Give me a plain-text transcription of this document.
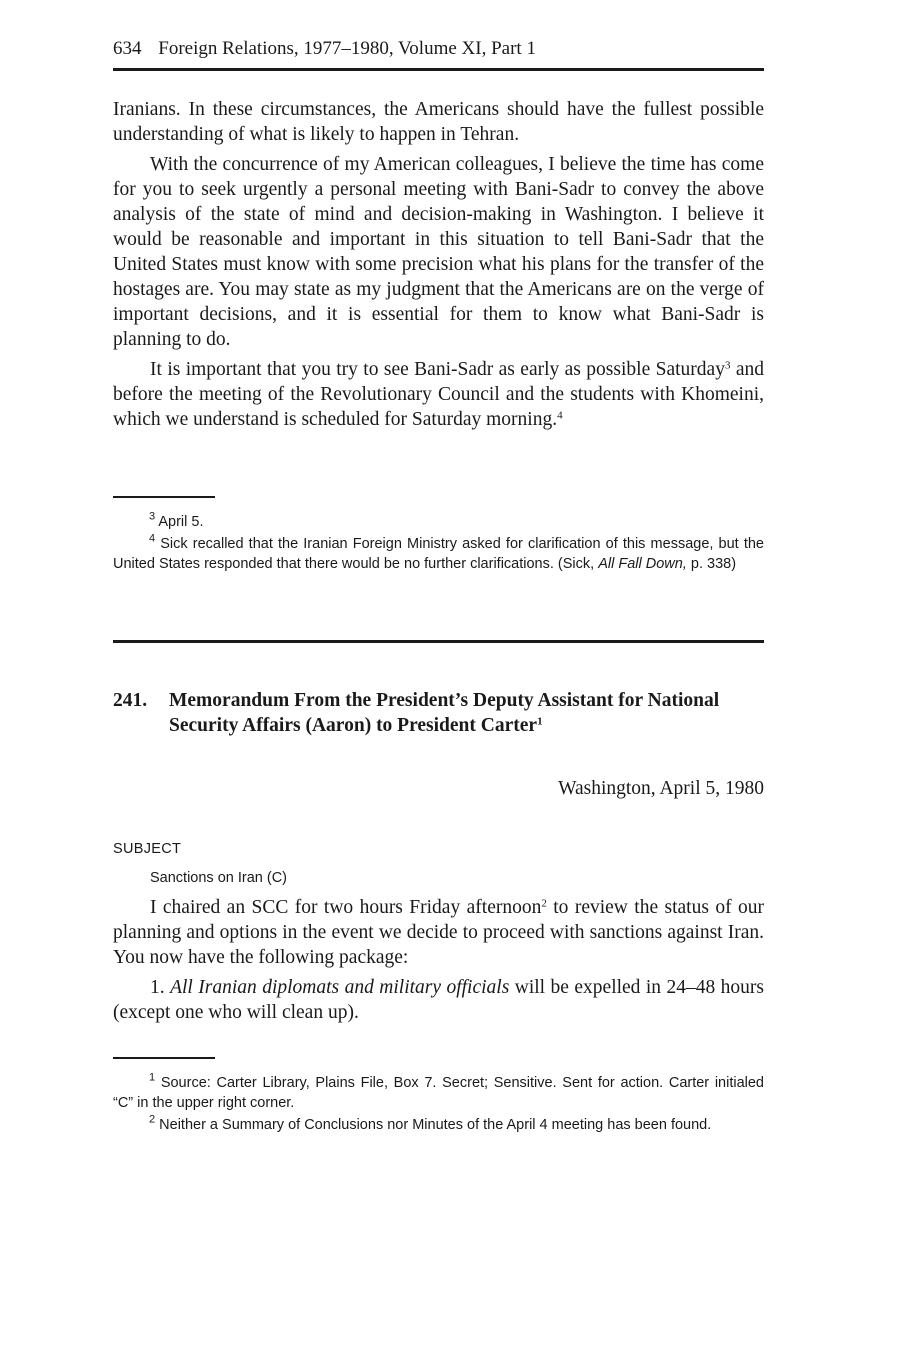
634 Foreign Relations, 1977–1980, Volume XI, Part 1

Iranians. In these circumstances, the Americans should have the fullest possible understanding of what is likely to happen in Tehran.

With the concurrence of my American colleagues, I believe the time has come for you to seek urgently a personal meeting with Bani-Sadr to convey the above analysis of the state of mind and decision-making in Washington. I believe it would be reasonable and important in this situation to tell Bani-Sadr that the United States must know with some precision what his plans for the transfer of the hostages are. You may state as my judgment that the Americans are on the verge of important decisions, and it is essential for them to know what Bani-Sadr is planning to do.

It is important that you try to see Bani-Sadr as early as possible Saturday$^3$ and before the meeting of the Revolutionary Council and the students with Khomeini, which we understand is scheduled for Saturday morning.$^4$

$^3$ April 5.

$^4$ Sick recalled that the Iranian Foreign Ministry asked for clarification of this message, but the United States responded that there would be no further clarifications. (Sick, All Fall Down, p. 338)

241.	Memorandum From the President’s Deputy Assistant for National Security Affairs (Aaron) to President Carter$^1$
Washington, April 5, 1980
SUBJECT
Sanctions on Iran (C)

I chaired an SCC for two hours Friday afternoon$^2$ to review the status of our planning and options in the event we decide to proceed with sanctions against Iran. You now have the following package:

1. All Iranian diplomats and military officials will be expelled in 24–48 hours (except one who will clean up).

$^1$ Source: Carter Library, Plains File, Box 7. Secret; Sensitive. Sent for action. Carter initialed “C” in the upper right corner.

$^2$ Neither a Summary of Conclusions nor Minutes of the April 4 meeting has been found.
